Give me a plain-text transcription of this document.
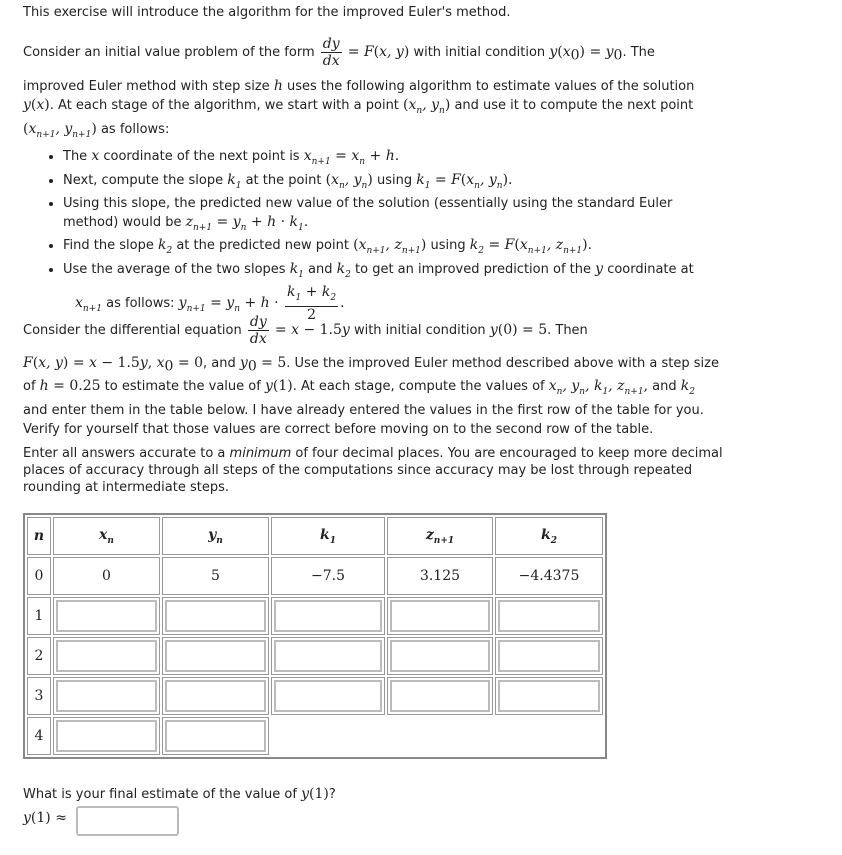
This exercise will introduce the algorithm for the improved Euler's method.
Consider an initial value problem of the form $\frac{dy}{dx} = F(x$, y) with initial condition $y(x_0) = y_0$. The

improved Euler method with step size h uses the following algorithm to estimate values of the solution y(x). At each stage of the algorithm, we start with a point ($x_n$, $y_n$) and use it to compute the next point ($x_{n+1}$, $y_{n+1}$) as follows:

• The x coordinate of the next point is $x_{n+1} = x_n + h$.
• Next, compute the slope $k_1$ at the point ($x_n$, $y_n$) using $k_1 = F(x_n$, $y_n$).
• Using this slope, the predicted new value of the solution (essentially using the standard Euler
method) would be $z_{n+1} = y_n + h \cdot k_1$.
• Find the slope $k_2$ at the predicted new point ($x_{n+1}$, $z_{n+1}$) using $k_2 = F(x_{n+1}$, $z_{n+1}$).
• Use the average of the two slopes $k_1$ and $k_2$ to get an improved prediction of the y coordinate at
$x_{n+1}$ as follows: $y_{n+1} = y_n + h \cdot \frac{k_1 + k_2}{2}$ .
Consider the differential equation $\frac{dy}{dx} = x - 1.5y$ with initial condition y(0) = 5. Then

F(x, y) = x − 1.5y, $x_0 = 0$, and $y_0 = 5$. Use the improved Euler method described above with a step size of h = 0.25 to estimate the value of y(1). At each stage, compute the values of $x_n$, $y_n$, $k_1$, $z_{n+1}$, and $k_2$ and enter them in the table below. I have already entered the values in the first row of the table for you. Verify for yourself that those values are correct before moving on to the second row of the table.

Enter all answers accurate to a minimum of four decimal places. You are encouraged to keep more decimal places of accuracy through all steps of the computations since accuracy may be lost through repeated rounding at intermediate steps.

n	$x_n$	$y_n$	$k_1$	$z_{n+1}$	$k_2$
0	0	5	−7.5	3.125	−4.4375
1	

2	

3	

4	

What is your final estimate of the value of y(1)?
y(1) ≈
